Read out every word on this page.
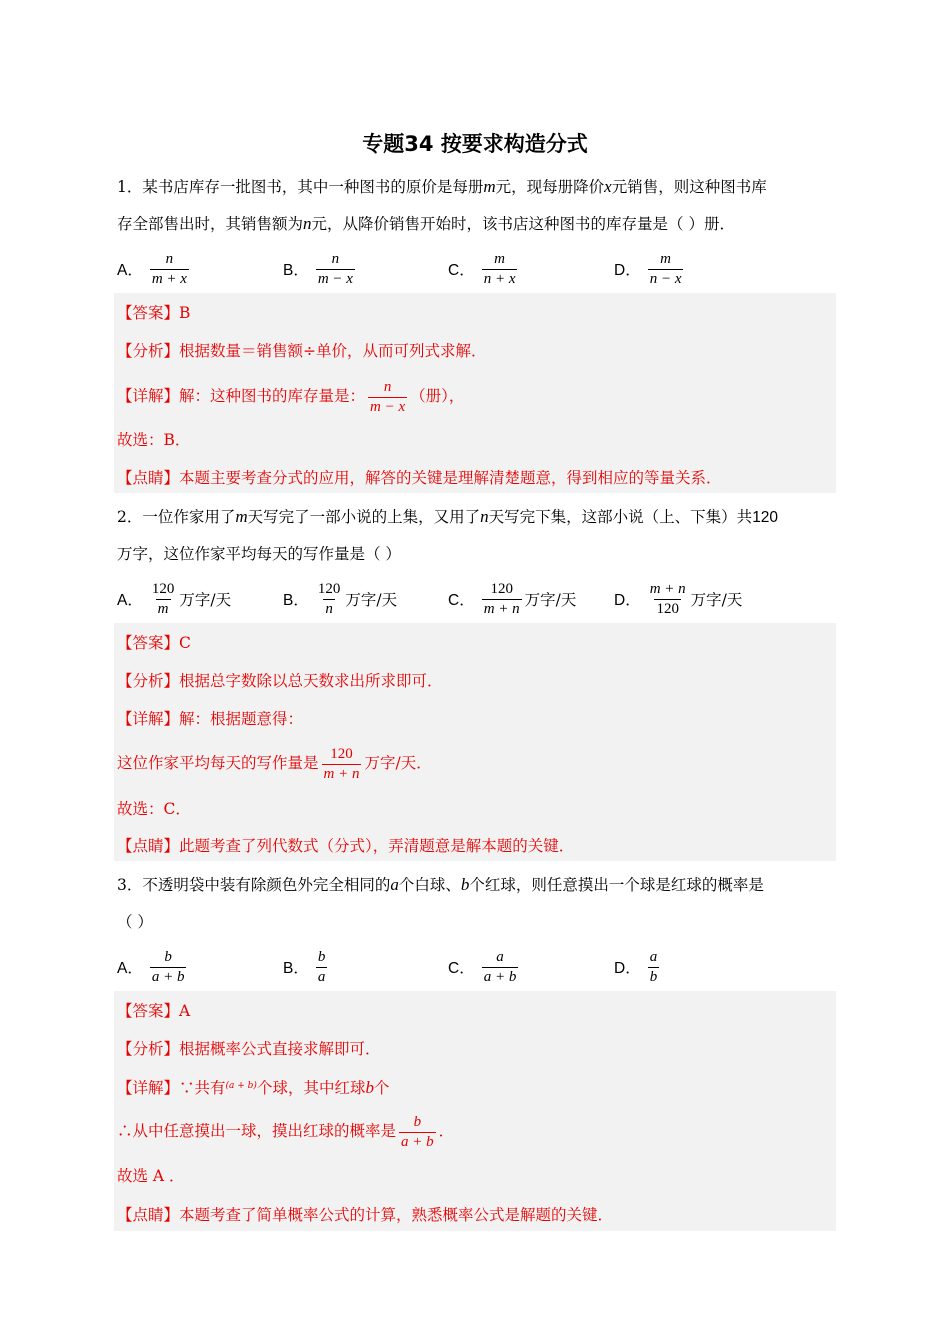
专题34 按要求构造分式
1．某书店库存一批图书，其中一种图书的原价是每册m元，现每册降价x元销售，则这种图书库
存全部售出时，其销售额为n元，从降价销售开始时，该书店这种图书的库存量是（ ）册．
A． $\frac{n}{m + x}$	B． $\frac{n}{m - x}$	C． $\frac{m}{n + x}$	D． $\frac{m}{n - x}$
【答案】B
【分析】根据数量＝销售额÷单价，从而可列式求解．
【详解】解：这种图书的库存量是： $\frac{n}{m - x}$ （册），
故选：B．
【点睛】本题主要考查分式的应用，解答的关键是理解清楚题意，得到相应的等量关系．
2．一位作家用了m天写完了一部小说的上集，又用了n天写完下集，这部小说（上、下集）共120
万字，这位作家平均每天的写作量是（ ）
A． $\frac{120}{m}$ 万字/天	B． $\frac{120}{n}$ 万字/天	C． $\frac{120}{m + n}$ 万字/天 D． $\frac{m + n}{120}$ 万字/天
【答案】C
【分析】根据总字数除以总天数求出所求即可．
【详解】解：根据题意得：
这位作家平均每天的写作量是 $\frac{120}{m + n}$ 万字/天．
故选：C．
【点睛】此题考查了列代数式（分式），弄清题意是解本题的关键．
3．不透明袋中装有除颜色外完全相同的a个白球、b个红球，则任意摸出一个球是红球的概率是
（ ）
A． $\frac{b}{a + b}$	B． $\frac{b}{a}$	C． $\frac{a}{a + b}$	D． $\frac{a}{b}$
【答案】A
【分析】根据概率公式直接求解即可．
【详解】∵共有$^{(a + b)}$个球，其中红球b个
∴从中任意摸出一球，摸出红球的概率是 $\frac{b}{a + b}$ ．
故选 A ．
【点睛】本题考查了简单概率公式的计算，熟悉概率公式是解题的关键．
